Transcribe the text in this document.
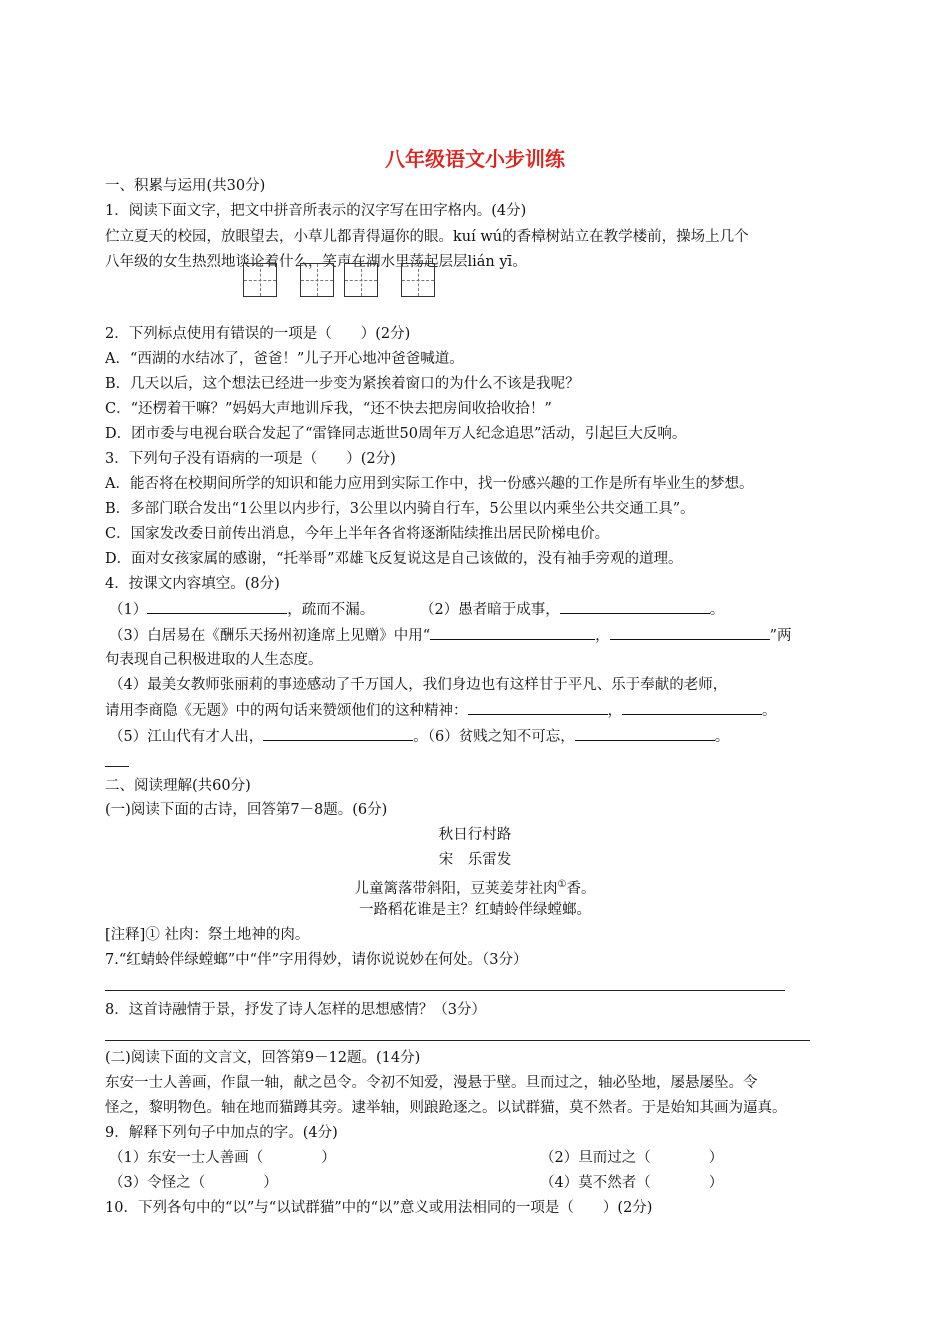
八年级语文小步训练
一、积累与运用(共30分)
1．阅读下面文字，把文中拼音所表示的汉字写在田字格内。(4分)
伫立夏天的校园，放眼望去，小草儿都青得逼你的眼。kuí wú的香樟树站立在教学楼前，操场上几个
八年级的女生热烈地谈论着什么，笑声在湖水里荡起层层lián yī。
2．下列标点使用有错误的一项是（　　）(2分)
A．“西湖的水结冰了，爸爸！”儿子开心地冲爸爸喊道。
B．几天以后，这个想法已经进一步变为紧挨着窗口的为什么不该是我呢？
C．“还楞着干嘛？”妈妈大声地训斥我，“还不快去把房间收拾收拾！”
D．团市委与电视台联合发起了“雷锋同志逝世50周年万人纪念追思”活动，引起巨大反响。
3．下列句子没有语病的一项是（　　）(2分)
A．能否将在校期间所学的知识和能力应用到实际工作中，找一份感兴趣的工作是所有毕业生的梦想。
B．多部门联合发出“1公里以内步行，3公里以内骑自行车，5公里以内乘坐公共交通工具”。
C．国家发改委日前传出消息，今年上半年各省将逐渐陆续推出居民阶梯电价。
D．面对女孩家属的感谢，“托举哥”邓雄飞反复说这是自己该做的，没有袖手旁观的道理。
4．按课文内容填空。(8分)
（1）	，疏而不漏。	（2）愚者暗于成事，	。
（3）白居易在《酬乐天扬州初逢席上见赠》中用“	，	”两
句表现自己积极进取的人生态度。
（4）最美女教师张丽莉的事迹感动了千万国人，我们身边也有这样甘于平凡、乐于奉献的老师，
请用李商隐《无题》中的两句话来赞颂他们的这种精神：	，	。
（5）江山代有才人出，	。（6）贫贱之知不可忘，	。
二、阅读理解(共60分)
(一)阅读下面的古诗，回答第7－8题。(6分)
秋日行村路
宋　乐雷发
儿童篱落带斜阳，豆荚姜芽社肉①香。
一路稻花谁是主？红蜻蛉伴绿螳螂。
[注释]① 社肉：祭土地神的肉。
7.“红蜻蛉伴绿螳螂”中“伴”字用得妙，请你说说妙在何处。（3分）
8．这首诗融情于景，抒发了诗人怎样的思想感情？（3分）
(二)阅读下面的文言文，回答第9－12题。(14分)
东安一士人善画，作鼠一轴，献之邑令。令初不知爱，漫悬于壁。旦而过之，轴必坠地，屡悬屡坠。令
怪之，黎明物色。轴在地而猫蹲其旁。逮举轴，则踉跄逐之。以试群猫，莫不然者。于是始知其画为逼真。
9．解释下列句子中加点的字。(4分)
（1）东安一士人善画（　　　　）	（2）旦而过之（　　　　）
（3）令怪之（　　　　）	（4）莫不然者（　　　　）
10．下列各句中的“以”与“以试群猫”中的“以”意义或用法相同的一项是（　　）(2分)
